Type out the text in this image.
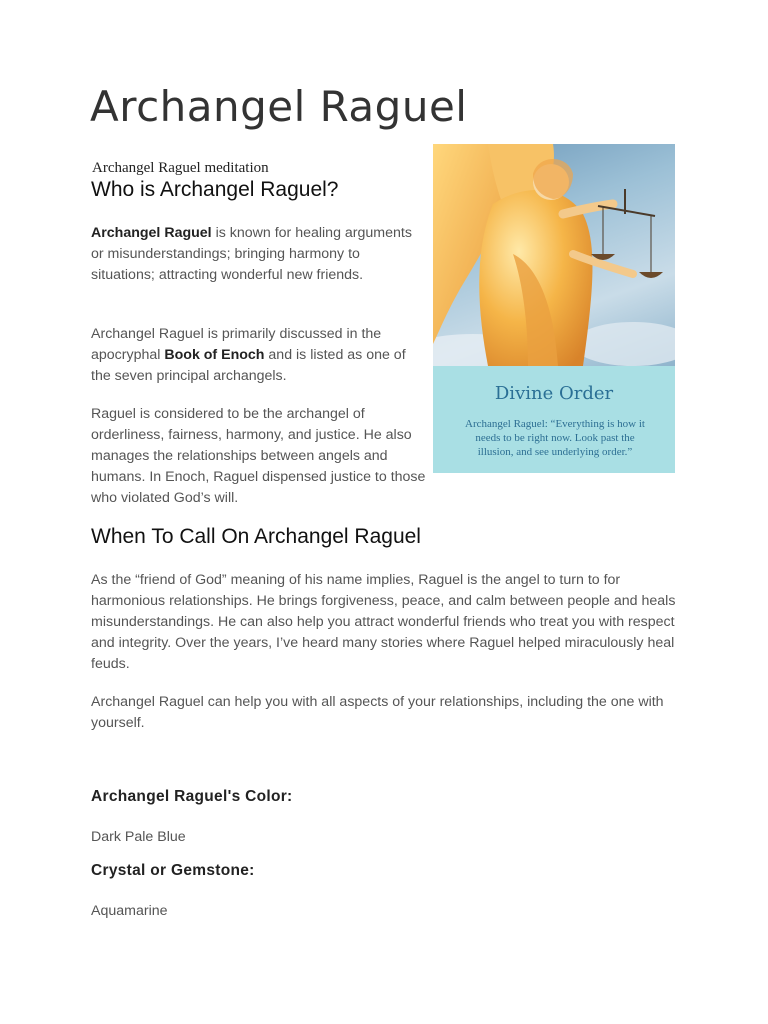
Archangel Raguel
Archangel Raguel meditation
Who is Archangel Raguel?

Archangel Raguel is known for healing arguments or misunderstandings; bringing harmony to situations; attracting wonderful new friends.

Archangel Raguel is primarily discussed in the apocryphal Book of Enoch and is listed as one of the seven principal archangels.

Raguel is considered to be the archangel of orderliness, fairness, harmony, and justice. He also manages the relationships between angels and humans. In Enoch, Raguel dispensed justice to those who violated God’s will.

When To Call On Archangel Raguel

As the “friend of God” meaning of his name implies, Raguel is the angel to turn to for harmonious relationships. He brings forgiveness, peace, and calm between people and heals misunderstandings. He can also help you attract wonderful friends who treat you with respect and integrity. Over the years, I’ve heard many stories where Raguel helped miraculously heal feuds.

Archangel Raguel can help you with all aspects of your relationships, including the one with yourself.

Archangel Raguel's Color:

Dark Pale Blue

Crystal or Gemstone:

Aquamarine

Divine Order
Archangel Raguel: “Everything is how it needs to be right now. Look past the illusion, and see underlying order.”
